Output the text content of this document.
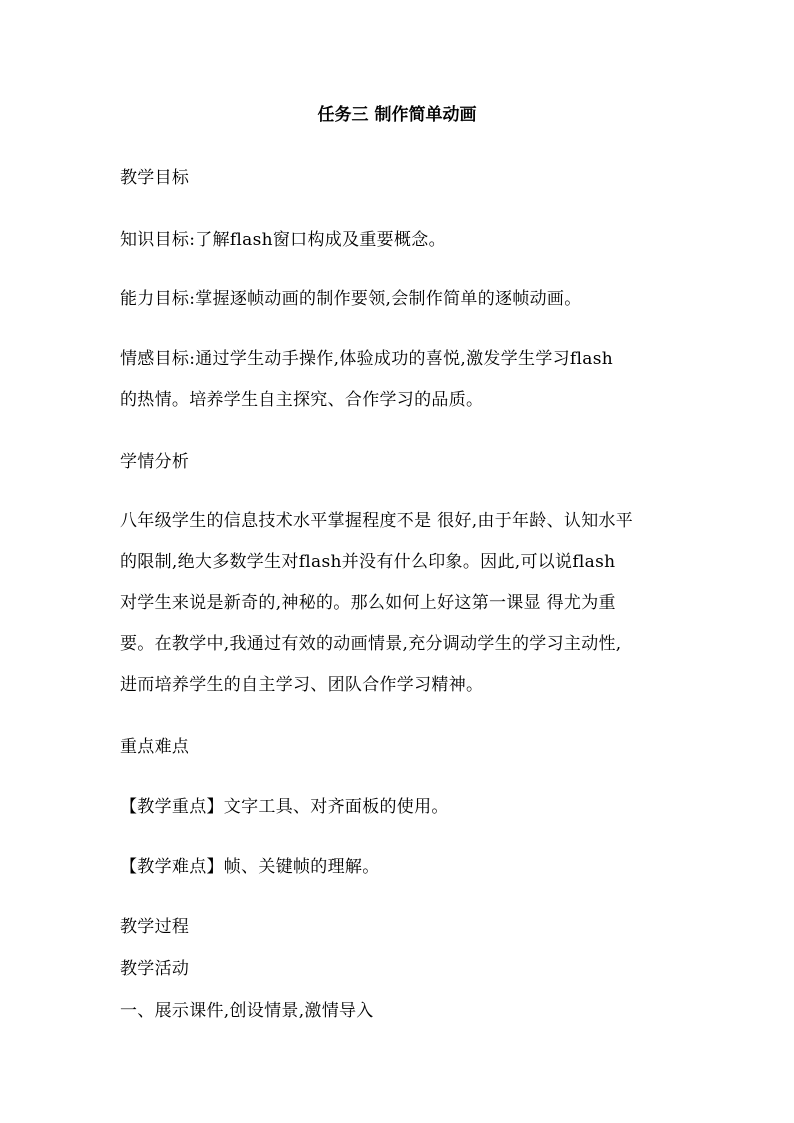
任务三 制作简单动画
教学目标
知识目标:了解flash窗口构成及重要概念。
能力目标:掌握逐帧动画的制作要领,会制作简单的逐帧动画。
情感目标:通过学生动手操作,体验成功的喜悦,激发学生学习flash
的热情。培养学生自主探究、合作学习的品质。
学情分析
八年级学生的信息技术水平掌握程度不是 很好,由于年龄、认知水平
的限制,绝大多数学生对flash并没有什么印象。因此,可以说flash
对学生来说是新奇的,神秘的。那么如何上好这第一课显 得尤为重
要。在教学中,我通过有效的动画情景,充分调动学生的学习主动性,
进而培养学生的自主学习、团队合作学习精神。
重点难点
【教学重点】文字工具、对齐面板的使用。
【教学难点】帧、关键帧的理解。
教学过程
教学活动
一、展示课件,创设情景,激情导入
